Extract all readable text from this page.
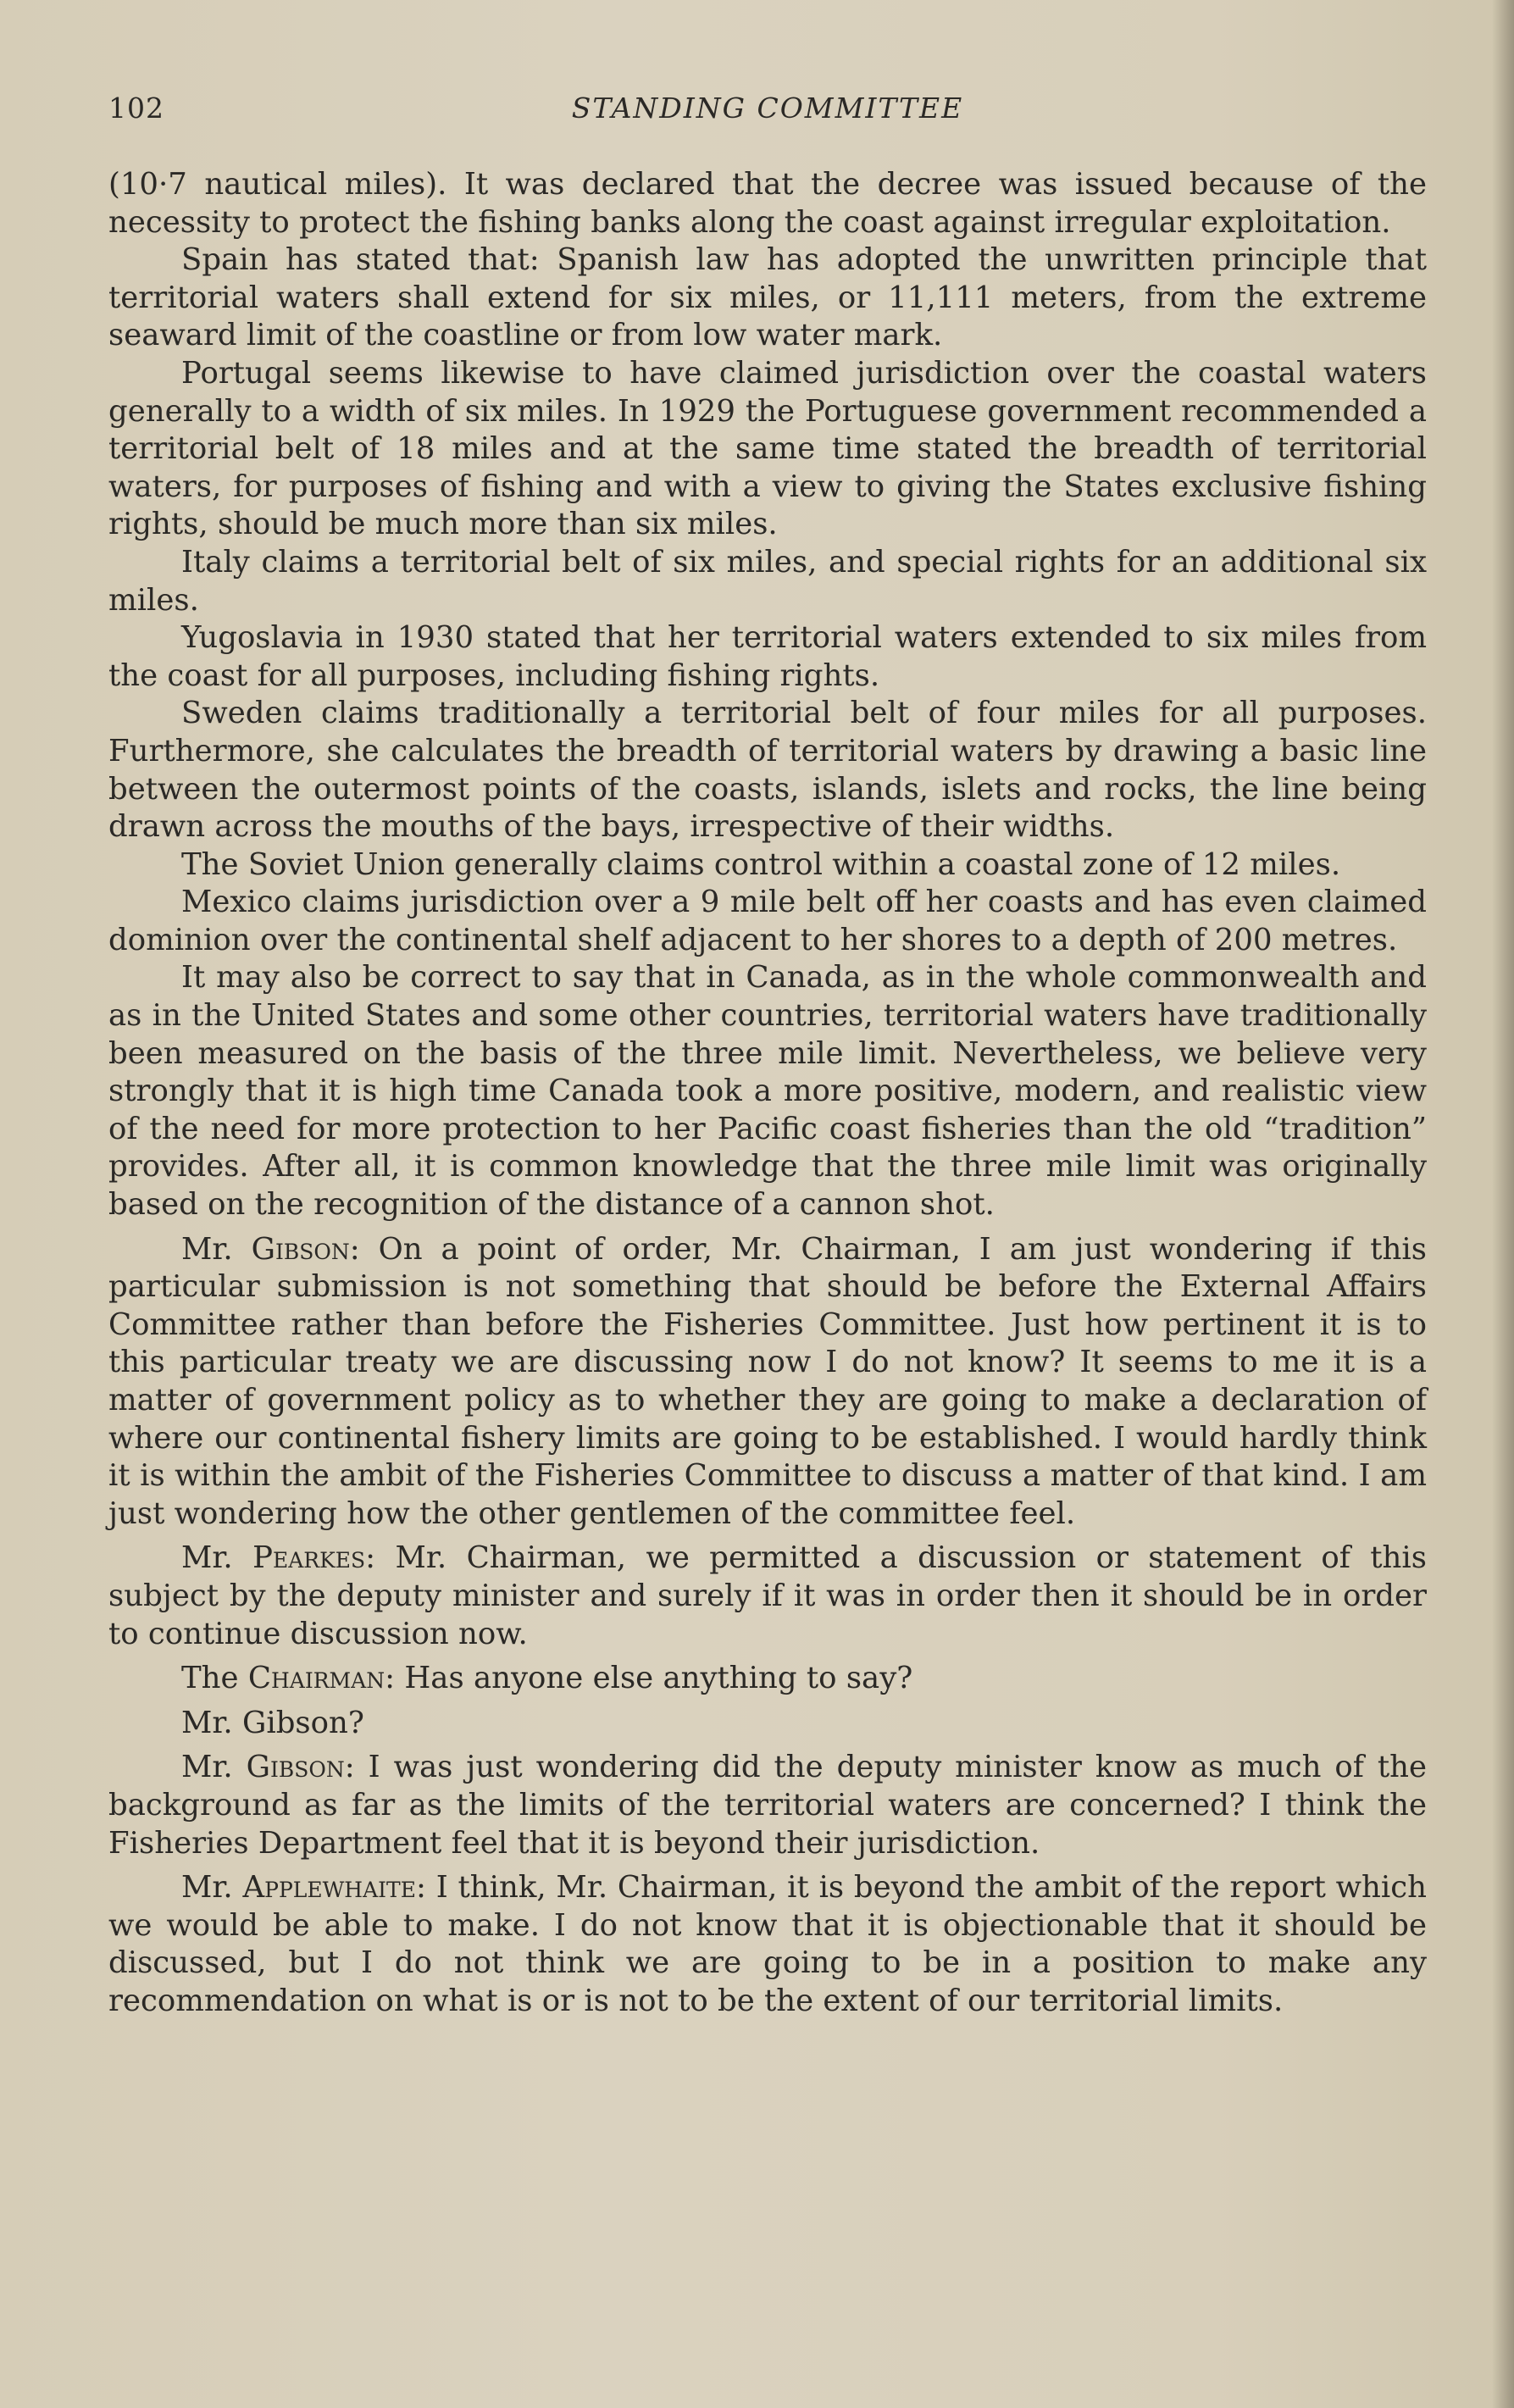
102	STANDING COMMITTEE

(10·7 nautical miles). It was declared that the decree was issued because of the necessity to protect the fishing banks along the coast against irregular exploitation.

Spain has stated that: Spanish law has adopted the unwritten principle that territorial waters shall extend for six miles, or 11,111 meters, from the extreme seaward limit of the coastline or from low water mark.

Portugal seems likewise to have claimed jurisdiction over the coastal waters generally to a width of six miles. In 1929 the Portuguese government recommended a territorial belt of 18 miles and at the same time stated the breadth of territorial waters, for purposes of fishing and with a view to giving the States exclusive fishing rights, should be much more than six miles.

Italy claims a territorial belt of six miles, and special rights for an additional six miles.

Yugoslavia in 1930 stated that her territorial waters extended to six miles from the coast for all purposes, including fishing rights.

Sweden claims traditionally a territorial belt of four miles for all purposes. Furthermore, she calculates the breadth of territorial waters by drawing a basic line between the outermost points of the coasts, islands, islets and rocks, the line being drawn across the mouths of the bays, irrespective of their widths.

The Soviet Union generally claims control within a coastal zone of 12 miles.

Mexico claims jurisdiction over a 9 mile belt off her coasts and has even claimed dominion over the continental shelf adjacent to her shores to a depth of 200 metres.

It may also be correct to say that in Canada, as in the whole commonwealth and as in the United States and some other countries, territorial waters have traditionally been measured on the basis of the three mile limit. Nevertheless, we believe very strongly that it is high time Canada took a more positive, modern, and realistic view of the need for more protection to her Pacific coast fisheries than the old “tradition” provides. After all, it is common knowledge that the three mile limit was originally based on the recognition of the distance of a cannon shot.

Mr. Gibson: On a point of order, Mr. Chairman, I am just wondering if this particular submission is not something that should be before the External Affairs Committee rather than before the Fisheries Committee. Just how pertinent it is to this particular treaty we are discussing now I do not know? It seems to me it is a matter of government policy as to whether they are going to make a declaration of where our continental fishery limits are going to be established. I would hardly think it is within the ambit of the Fisheries Committee to discuss a matter of that kind. I am just wondering how the other gentlemen of the committee feel.

Mr. Pearkes: Mr. Chairman, we permitted a discussion or statement of this subject by the deputy minister and surely if it was in order then it should be in order to continue discussion now.

The Chairman: Has anyone else anything to say?

Mr. Gibson?

Mr. Gibson: I was just wondering did the deputy minister know as much of the background as far as the limits of the territorial waters are concerned? I think the Fisheries Department feel that it is beyond their jurisdiction.

Mr. Applewhaite: I think, Mr. Chairman, it is beyond the ambit of the report which we would be able to make. I do not know that it is objectionable that it should be discussed, but I do not think we are going to be in a position to make any recommendation on what is or is not to be the extent of our territorial limits.
